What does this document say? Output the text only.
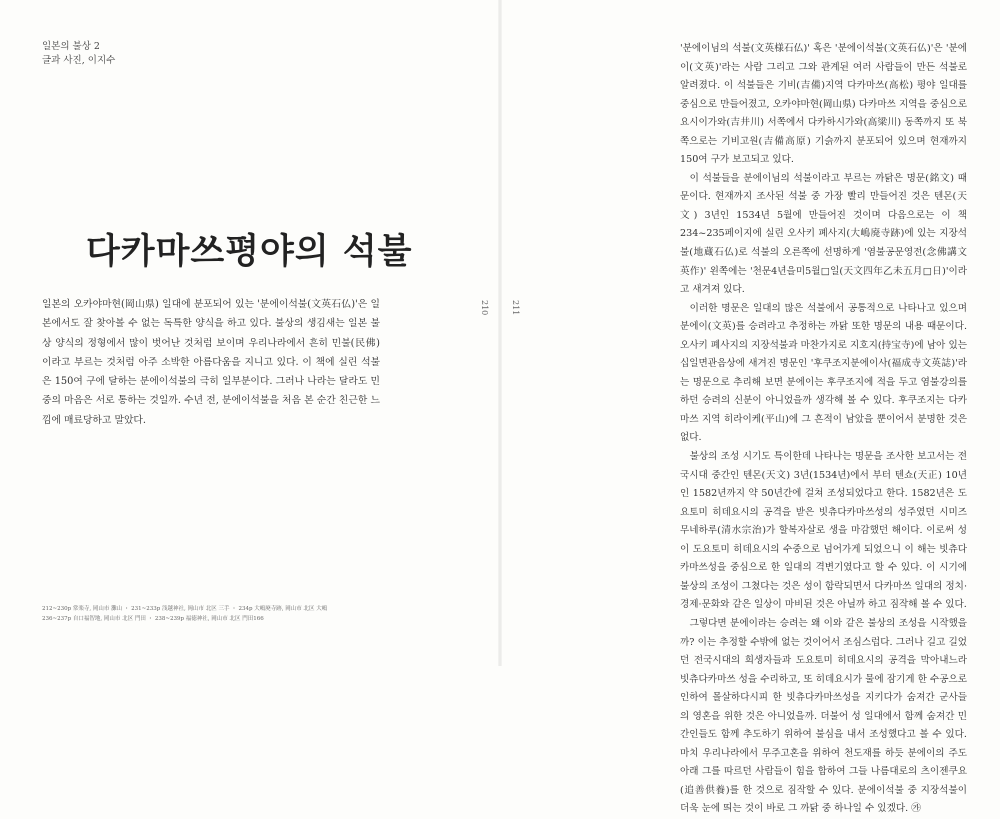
일본의 불상 2
글과 사진, 이지수
다카마쓰평야의 석불

일본의 오카야마현(岡山県) 일대에 분포되어 있는 '분에이석불(文英石仏)'은 일본에서도 잘 찾아볼 수 없는 독특한 양식을 하고 있다. 불상의 생김새는 일본 불상 양식의 정형에서 많이 벗어난 것처럼 보이며 우리나라에서 흔히 민불(民佛)이라고 부르는 것처럼 아주 소박한 아름다움을 지니고 있다. 이 책에 실린 석불은 150여 구에 달하는 분에이석불의 극히 일부분이다. 그러나 나라는 달라도 민중의 마음은 서로 통하는 것일까. 수년 전, 분에이석불을 처음 본 순간 친근한 느낌에 매료당하고 말았다.

212~230p 常楽寺, 岡山市 灘山 ・ 231~233p 浅越神社, 岡山市 北区 三手 ・ 234p 大嶋廃寺跡, 岡山市 北区 大嶋
236~237p 自口福智地, 岡山市 北区 門田 ・ 238~239p 福徳神社, 岡山市 北区 門田166
210	211

'분에이님의 석불(文英様石仏)' 혹은 '분에이석불(文英石仏)'은 '분에이(文英)'라는 사람 그리고 그와 관계된 여러 사람들이 만든 석불로 알려졌다. 이 석불들은 기비(吉備)지역 다카마쓰(高松) 평야 일대를 중심으로 만들어졌고, 오카야마현(岡山県) 다카마쓰 지역을 중심으로 요시이가와(吉井川) 서쪽에서 다카하시가와(高梁川) 동쪽까지 또 북쪽으로는 기비고원(吉備高原) 기슭까지 분포되어 있으며 현재까지 150여 구가 보고되고 있다.

이 석불들을 분에이님의 석불이라고 부르는 까닭은 명문(銘文) 때문이다. 현재까지 조사된 석불 중 가장 빨리 만들어진 것은 텐몬(天文) 3년인 1534년 5월에 만들어진 것이며 다음으로는 이 책 234~235페이지에 실린 오사키 폐사지(大嶋廃寺跡)에 있는 지장석불(地蔵石仏)로 석불의 오른쪽에 선명하게 '염불공문영전(念佛講文英作)' 왼쪽에는 '천문4년을미5월□일(天文四年乙未五月□日)'이라고 새겨져 있다.

이러한 명문은 일대의 많은 석불에서 공통적으로 나타나고 있으며 분에이(文英)를 승려라고 추정하는 까닭 또한 명문의 내용 때문이다. 오사키 폐사지의 지장석불과 마찬가지로 지호지(持宝寺)에 남아 있는 십일면관음상에 새겨진 명문인 '후쿠조지분에이사(福成寺文英誌)'라는 명문으로 추리해 보면 분에이는 후쿠조지에 적을 두고 염불강의를 하던 승려의 신분이 아니었을까 생각해 볼 수 있다. 후쿠조지는 다카마쓰 지역 히라이케(平山)에 그 흔적이 남았을 뿐이어서 분명한 것은 없다.

불상의 조성 시기도 특이한데 나타나는 명문을 조사한 보고서는 전국시대 중간인 텐몬(天文) 3년(1534년)에서 부터 텐쇼(天正) 10년인 1582년까지 약 50년간에 걸쳐 조성되었다고 한다. 1582년은 도요토미 히데요시의 공격을 받은 빗츄다카마쓰성의 성주였던 시미즈 무네하루(清水宗治)가 할복자살로 생을 마감했던 해이다. 이로써 성이 도요토미 히데요시의 수중으로 넘어가게 되었으니 이 해는 빗츄다카마쓰성을 중심으로 한 일대의 격변기였다고 할 수 있다. 이 시기에 불상의 조성이 그쳤다는 것은 성이 함락되면서 다카마쓰 일대의 정치·경제·문화와 같은 일상이 마비된 것은 아닐까 하고 짐작해 볼 수 있다.

그렇다면 분에이라는 승려는 왜 이와 같은 불상의 조성을 시작했을까? 이는 추정할 수밖에 없는 것이어서 조심스럽다. 그러나 길고 길었던 전국시대의 희생자들과 도요토미 히데요시의 공격을 막아내느라 빗츄다카마쓰 성을 수리하고, 또 히데요시가 물에 잠기게 한 수공으로 인하여 몰살하다시피 한 빗츄다카마쓰성을 지키다가 숨져간 군사들의 영혼을 위한 것은 아니었을까. 더불어 성 일대에서 함께 숨져간 민간인들도 함께 추도하기 위하여 불심을 내서 조성했다고 볼 수 있다. 마치 우리나라에서 무주고혼을 위하여 천도재를 하듯 분에이의 주도 아래 그를 따르던 사람들이 힘을 합하여 그들 나름대로의 츠이젠쿠요(追善供養)를 한 것으로 짐작할 수 있다. 분에이석불 중 지장석불이 더욱 눈에 띄는 것이 바로 그 까닭 중 하나일 수 있겠다. ㉮
